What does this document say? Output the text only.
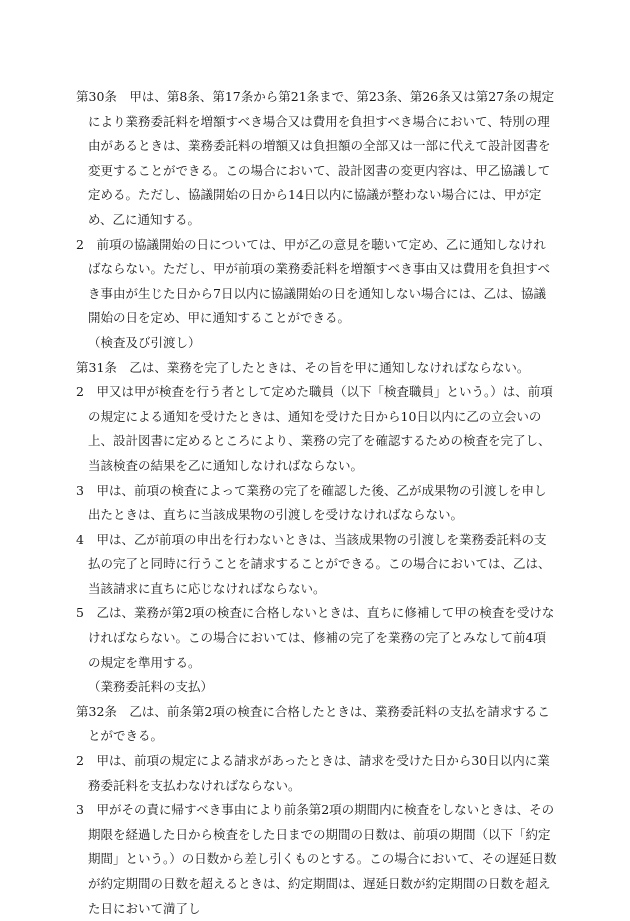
第30条　甲は、第8条、第17条から第21条まで、第23条、第26条又は第27条の規定により業務委託料を増額すべき場合又は費用を負担すべき場合において、特別の理由があるときは、業務委託料の増額又は負担額の全部又は一部に代えて設計図書を変更することができる。この場合において、設計図書の変更内容は、甲乙協議して定める。ただし、協議開始の日から14日以内に協議が整わない場合には、甲が定め、乙に通知する。

2　前項の協議開始の日については、甲が乙の意見を聴いて定め、乙に通知しなければならない。ただし、甲が前項の業務委託料を増額すべき事由又は費用を負担すべき事由が生じた日から7日以内に協議開始の日を通知しない場合には、乙は、協議開始の日を定め、甲に通知することができる。

（検査及び引渡し）

第31条　乙は、業務を完了したときは、その旨を甲に通知しなければならない。

2　甲又は甲が検査を行う者として定めた職員（以下「検査職員」という。）は、前項の規定による通知を受けたときは、通知を受けた日から10日以内に乙の立会いの上、設計図書に定めるところにより、業務の完了を確認するための検査を完了し、当該検査の結果を乙に通知しなければならない。

3　甲は、前項の検査によって業務の完了を確認した後、乙が成果物の引渡しを申し出たときは、直ちに当該成果物の引渡しを受けなければならない。

4　甲は、乙が前項の申出を行わないときは、当該成果物の引渡しを業務委託料の支払の完了と同時に行うことを請求することができる。この場合においては、乙は、当該請求に直ちに応じなければならない。

5　乙は、業務が第2項の検査に合格しないときは、直ちに修補して甲の検査を受けなければならない。この場合においては、修補の完了を業務の完了とみなして前4項の規定を準用する。

（業務委託料の支払）

第32条　乙は、前条第2項の検査に合格したときは、業務委託料の支払を請求することができる。

2　甲は、前項の規定による請求があったときは、請求を受けた日から30日以内に業務委託料を支払わなければならない。

3　甲がその責に帰すべき事由により前条第2項の期間内に検査をしないときは、その期限を経過した日から検査をした日までの期間の日数は、前項の期間（以下「約定期間」という。）の日数から差し引くものとする。この場合において、その遅延日数が約定期間の日数を超えるときは、約定期間は、遅延日数が約定期間の日数を超えた日において満了し
